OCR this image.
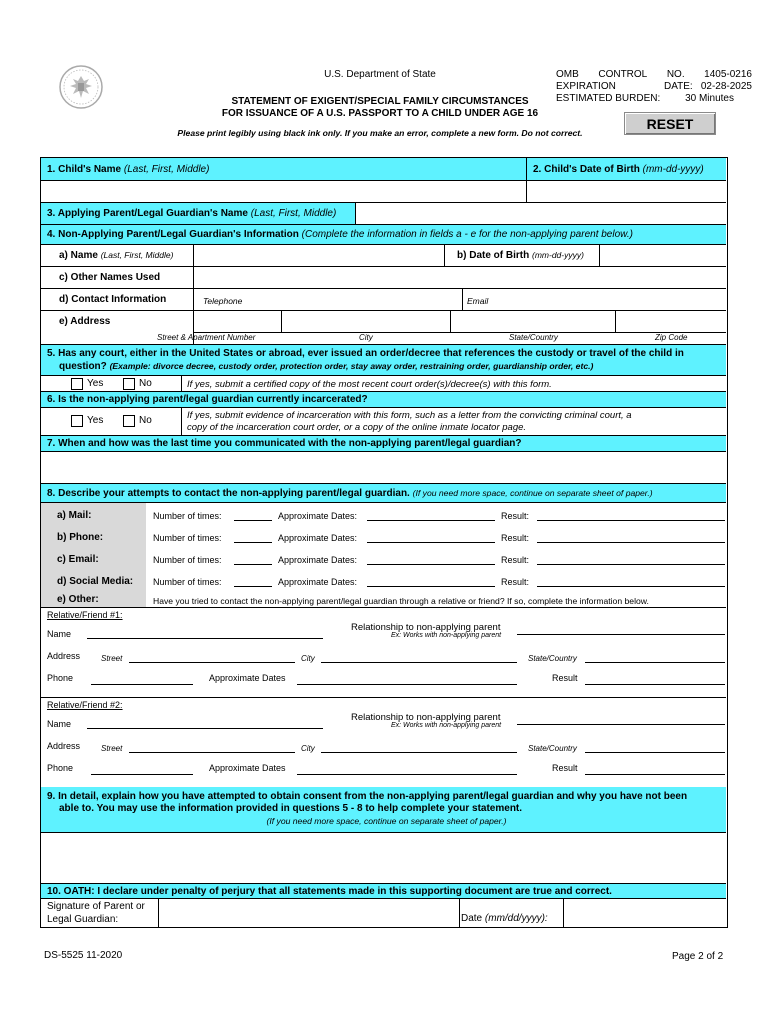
U.S. Department of State
STATEMENT OF EXIGENT/SPECIAL FAMILY CIRCUMSTANCES
FOR ISSUANCE OF A U.S. PASSPORT TO A CHILD UNDER AGE 16
Please print legibly using black ink only. If you make an error, complete a new form. Do not correct.
OMB CONTROL NO. 1405-0216
EXPIRATION	DATE: 02-28-2025
ESTIMATED BURDEN: 30 Minutes
RESET
1. Child's Name
(Last, First, Middle)	2. Child's Date of Birth
(mm-dd-yyyy)
3. Applying Parent/Legal Guardian's Name
(Last, First, Middle)
4. Non-Applying Parent/Legal Guardian's Information
(Complete the information in fields a - e for the non-applying parent below.)
a) Name (Last, First, Middle)	b) Date of Birth (mm-dd-yyyy)
c) Other Names Used
d) Contact Information	Telephone	Email
e) Address
Street & Apartment Number	City	State/Country	Zip Code
5. Has any court, either in the United States or abroad, ever issued an order/decree that references the custody or travel of the child in
question? (Example: divorce decree, custody order, protection order, stay away order, restraining order, guardianship order, etc.)
Yes	No	If yes, submit a certified copy of the most recent court order(s)/decree(s) with this form.
6. Is the non-applying parent/legal guardian currently incarcerated?
Yes	No	If yes, submit evidence of incarceration with this form, such as a letter from the convicting criminal court, a
copy of the incarceration court order, or a copy of the online inmate locator page.
7. When and how was the last time you communicated with the non-applying parent/legal guardian?
8. Describe your attempts to contact the non-applying parent/legal guardian.
(If you need more space, continue on separate sheet of paper.)
a) Mail:	Number of times:	Approximate Dates:	Result:
b) Phone:	Number of times:	Approximate Dates:	Result:
c) Email:	Number of times:	Approximate Dates:	Result:
d) Social Media: Number of times:	Approximate Dates:	Result:
e) Other:	Have you tried to contact the non-applying parent/legal guardian through a relative or friend? If so, complete the information below.
Relative/Friend #1:
Name
Relationship to non-applying parent
Ex: Works with non-applying parent
Address	Street	City	State/Country
Phone	Approximate Dates	Result
Relative/Friend #2:
Name
Relationship to non-applying parent
Ex: Works with non-applying parent
Address	Street	City	State/Country
Phone	Approximate Dates	Result
9. In detail, explain how you have attempted to obtain consent from the non-applying parent/legal guardian and why you have not been
able to. You may use the information provided in questions 5 - 8 to help complete your statement.
(If you need more space, continue on separate sheet of paper.)
10. OATH: I declare under penalty of perjury that all statements made in this supporting document are true and correct.
Signature of Parent or
Legal Guardian:	Date (mm/dd/yyyy):
DS-5525 11-2020	Page 2 of 2
